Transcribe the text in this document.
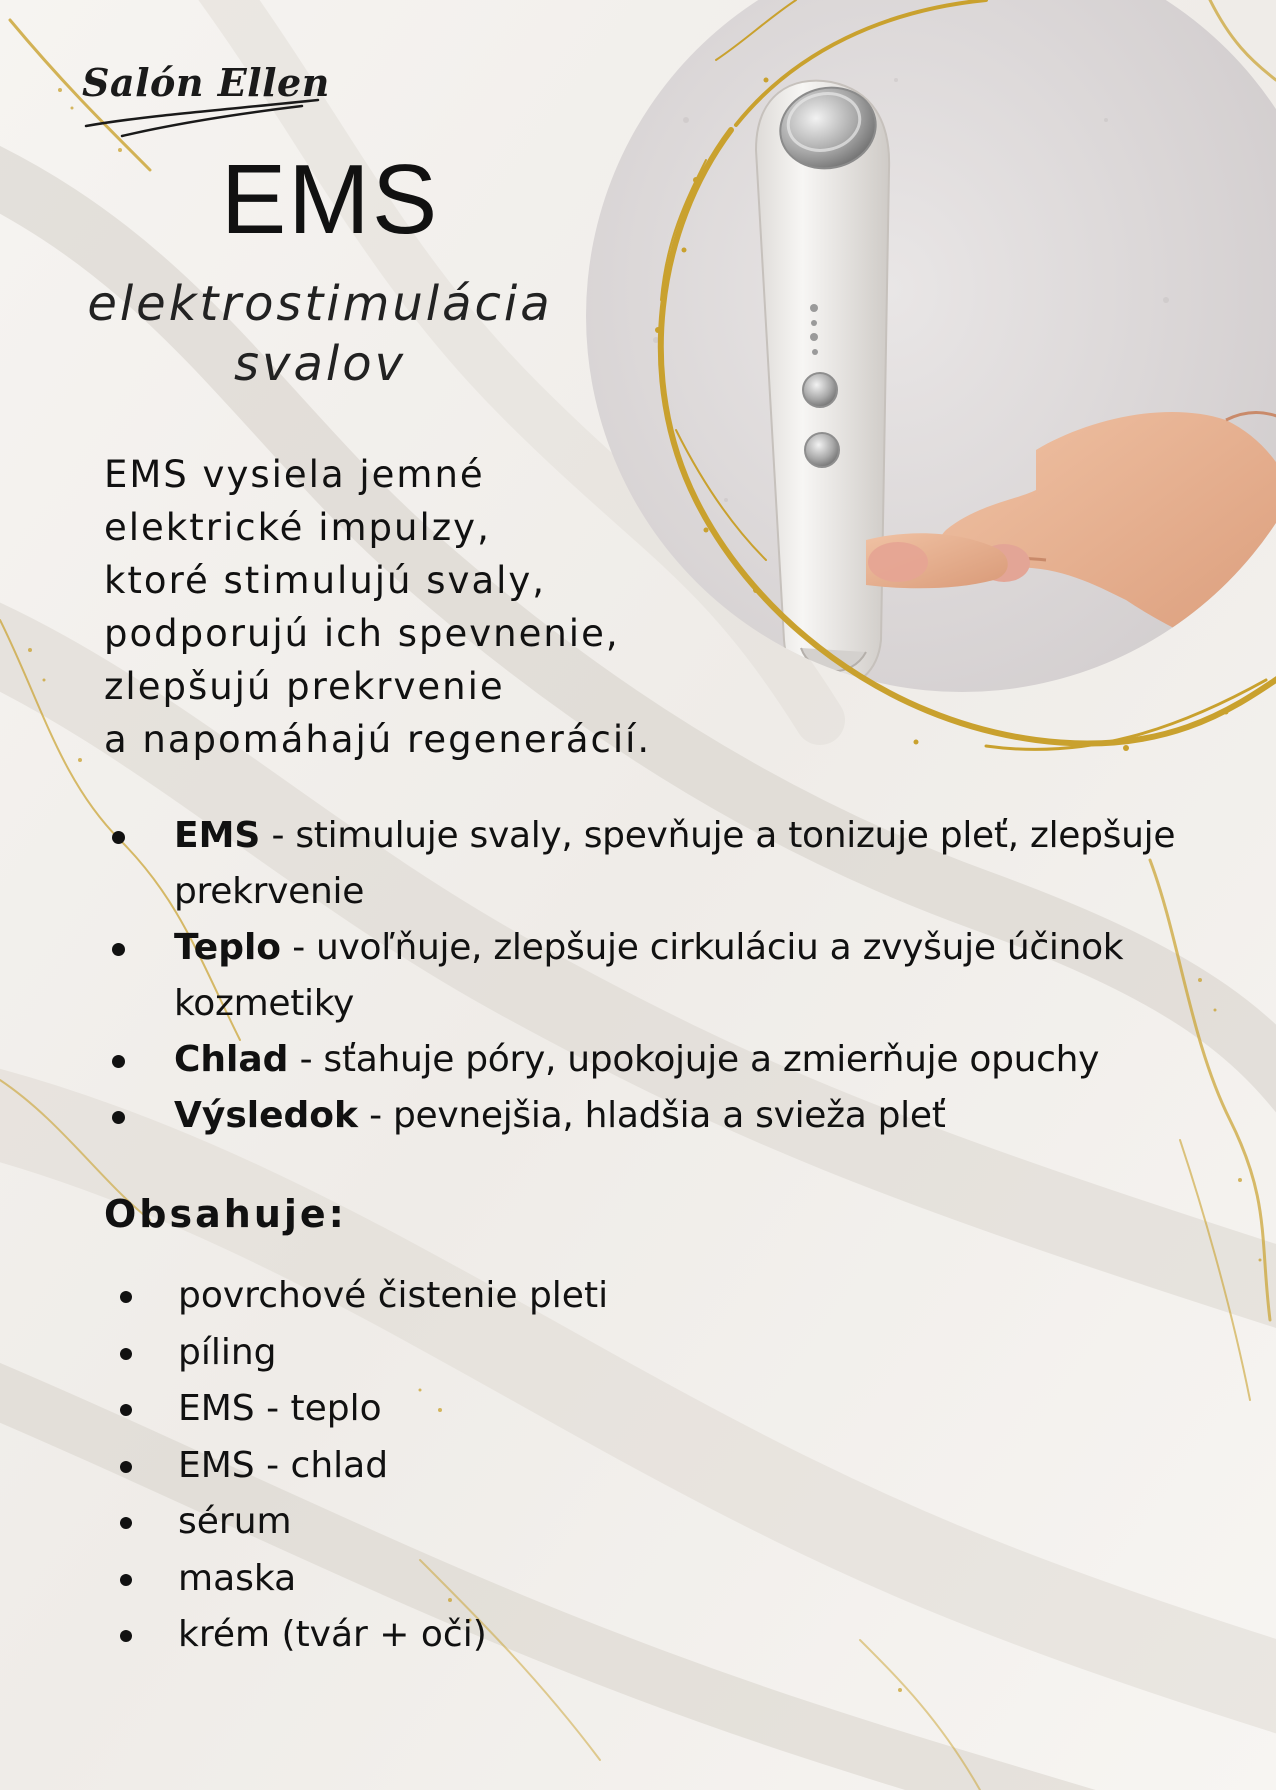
Salón Ellen
EMS
elektrostimulácia
svalov
EMS vysiela jemné
elektrické impulzy,
ktoré stimulujú svaly,
podporujú ich spevnenie,
zlepšujú prekrvenie
a napomáhajú regenerácií.
EMS - stimuluje svaly, spevňuje a tonizuje pleť, zlepšuje prekrvenie
Teplo - uvoľňuje, zlepšuje cirkuláciu a zvyšuje účinok kozmetiky
Chlad - sťahuje póry, upokojuje a zmierňuje opuchy
Výsledok - pevnejšia, hladšia a svieža pleť
Obsahuje:
povrchové čistenie pleti
píling
EMS - teplo
EMS - chlad
sérum
maska
krém (tvár + oči)
